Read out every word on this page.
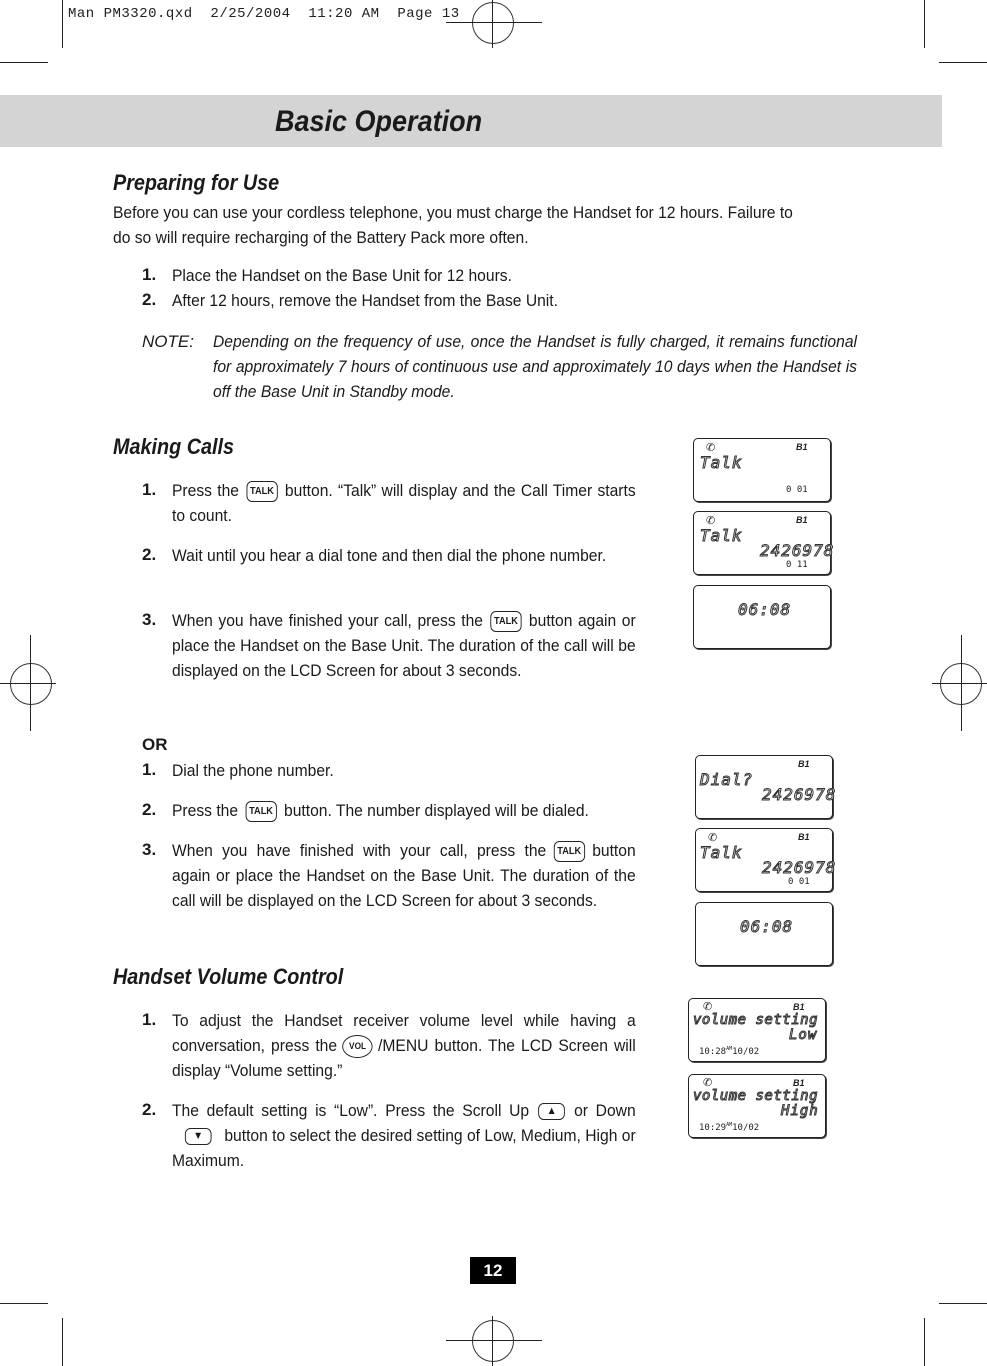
Man PM3320.qxd  2/25/2004  11:20 AM  Page 13
Basic Operation
Preparing for Use
Before you can use your cordless telephone, you must charge the Handset for 12 hours. Failure to
do so will require recharging of the Battery Pack more often.
1. Place the Handset on the Base Unit for 12 hours.
2. After 12 hours, remove the Handset from the Base Unit.
NOTE: Depending on the frequency of use, once the Handset is fully charged, it remains functional for approximately 7 hours of continuous use and approximately 10 days when the Handset is off the Base Unit in Standby mode.
Making Calls
1. Press the TALK button. “Talk” will display and the Call Timer starts to count.
2. Wait until you hear a dial tone and then dial the phone number.
3. When you have finished your call, press the TALK button again or place the Handset on the Base Unit. The duration of the call will be displayed on the LCD Screen for about 3 seconds.
OR
1. Dial the phone number.
2. Press the TALK button. The number displayed will be dialed.
3. When you have finished with your call, press the TALK button again or place the Handset on the Base Unit. The duration of the call will be displayed on the LCD Screen for about 3 seconds.
Handset Volume Control
1. To adjust the Handset receiver volume level while having a conversation, press the VOL /MENU button. The LCD Screen will display “Volume setting.”
2. The default setting is “Low”. Press the Scroll Up ▲ or Down▼ button to select the desired setting of Low, Medium, High or Maximum.
✆	B1
Talk
0 01
✆	B1
Talk
2426978
0 11
06:08
B1
Dial?
2426978
✆	B1
Talk
2426978
0 01
06:08
✆	B1
volume setting
Low
$10:28^{AM}10/02$
✆	B1
volume setting
High
$10:29^{AM}10/02$
12
